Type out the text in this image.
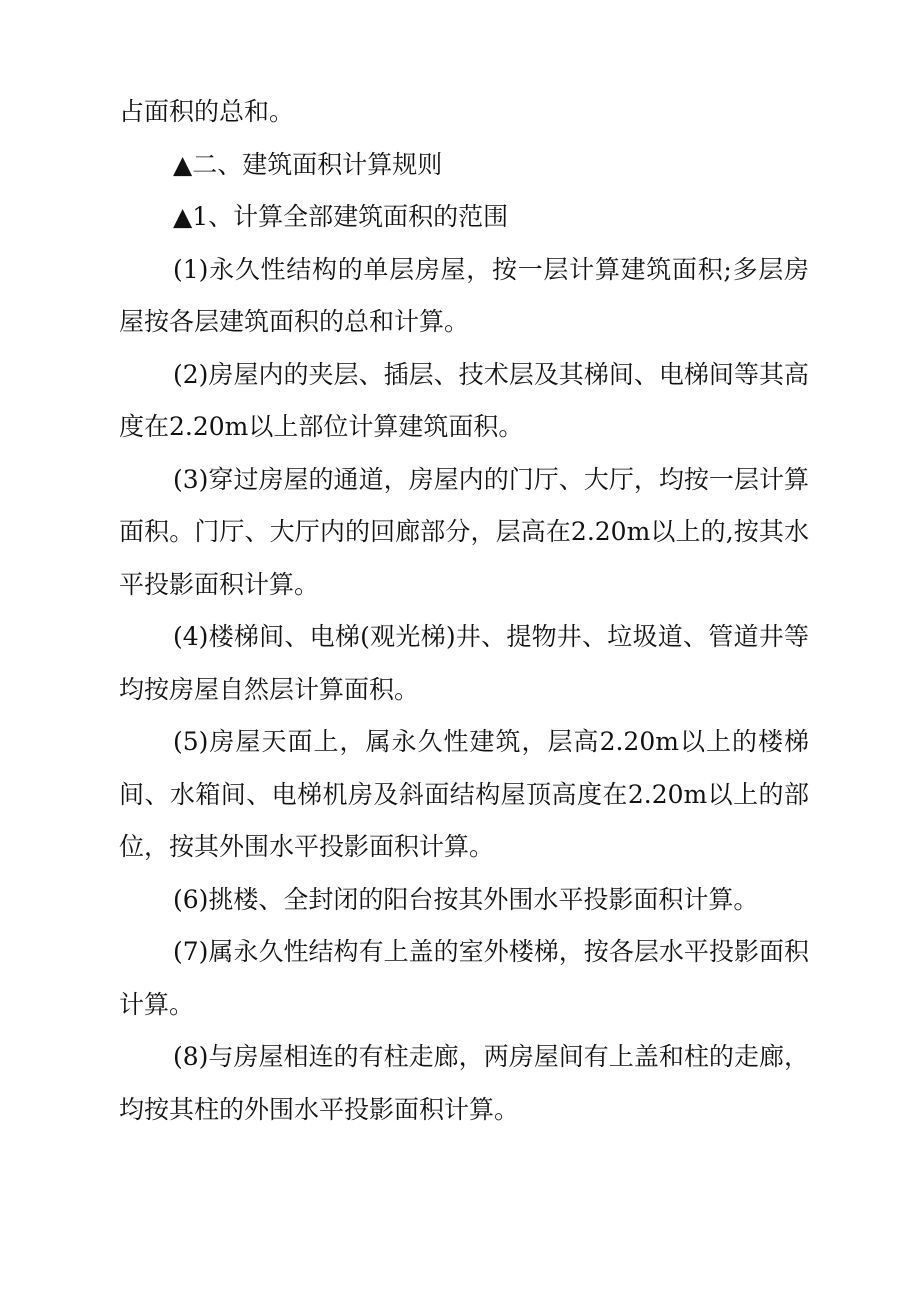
占面积的总和。

▲二、建筑面积计算规则

▲1、计算全部建筑面积的范围

(1)永久性结构的单层房屋，按一层计算建筑面积;多层房屋按各层建筑面积的总和计算。

(2)房屋内的夹层、插层、技术层及其梯间、电梯间等其高度在2.20m以上部位计算建筑面积。

(3)穿过房屋的通道，房屋内的门厅、大厅，均按一层计算面积。门厅、大厅内的回廊部分，层高在2.20m以上的,按其水平投影面积计算。

(4)楼梯间、电梯(观光梯)井、提物井、垃圾道、管道井等均按房屋自然层计算面积。

(5)房屋天面上，属永久性建筑，层高2.20m以上的楼梯间、水箱间、电梯机房及斜面结构屋顶高度在2.20m以上的部位，按其外围水平投影面积计算。

(6)挑楼、全封闭的阳台按其外围水平投影面积计算。

(7)属永久性结构有上盖的室外楼梯，按各层水平投影面积计算。

(8)与房屋相连的有柱走廊，两房屋间有上盖和柱的走廊，均按其柱的外围水平投影面积计算。
